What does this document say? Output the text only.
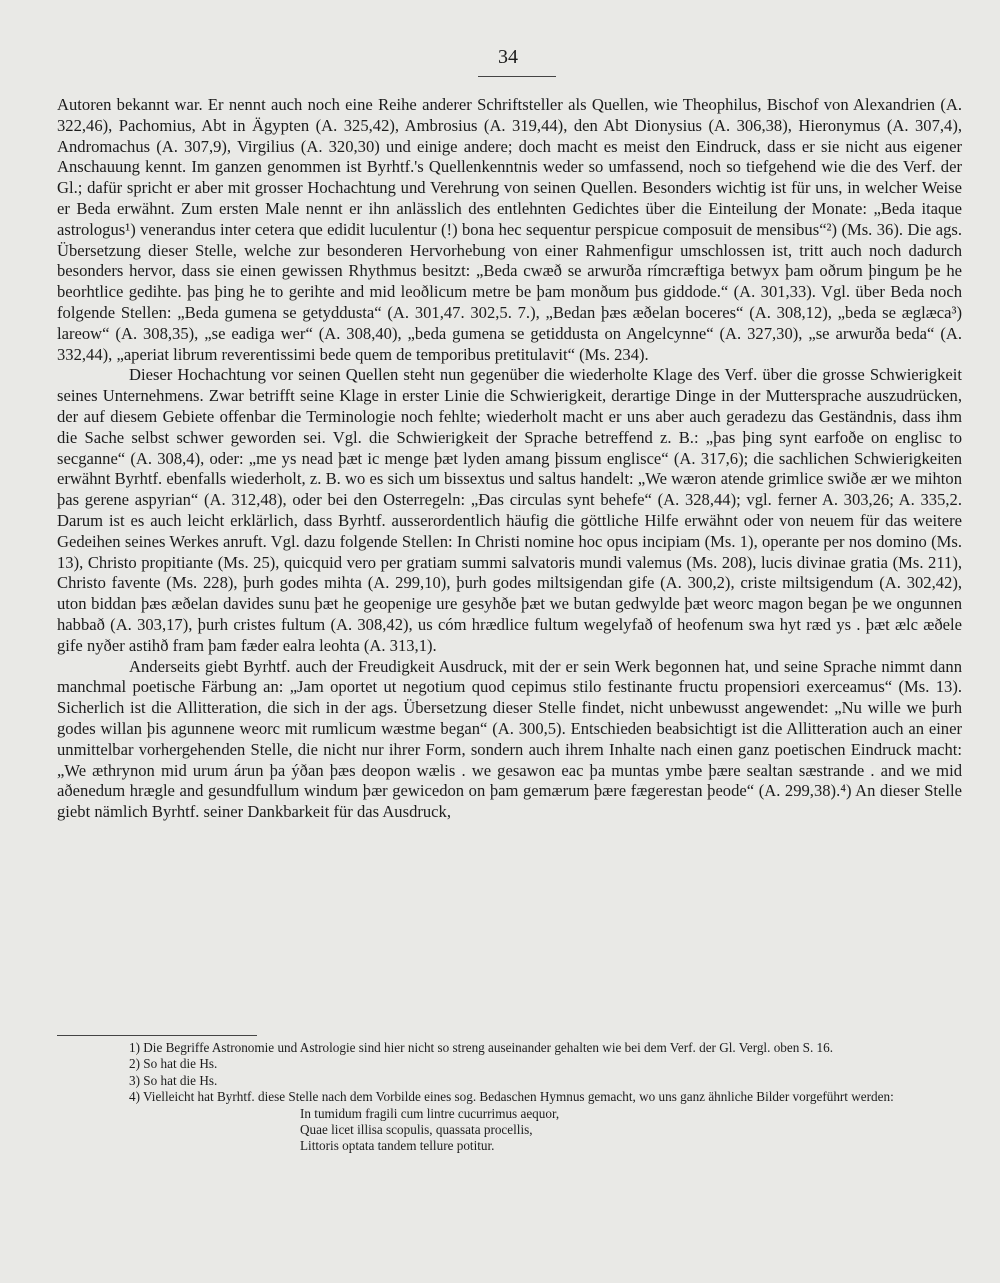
34

Autoren bekannt war. Er nennt auch noch eine Reihe anderer Schriftsteller als Quellen, wie Theophilus, Bischof von Alexandrien (A. 322,46), Pachomius, Abt in Ägypten (A. 325,42), Ambrosius (A. 319,44), den Abt Dionysius (A. 306,38), Hieronymus (A. 307,4), Andromachus (A. 307,9), Virgilius (A. 320,30) und einige andere; doch macht es meist den Eindruck, dass er sie nicht aus eigener Anschauung kennt. Im ganzen genommen ist Byrhtf.'s Quellenkenntnis weder so umfassend, noch so tiefgehend wie die des Verf. der Gl.; dafür spricht er aber mit grosser Hochachtung und Verehrung von seinen Quellen. Besonders wichtig ist für uns, in welcher Weise er Beda erwähnt. Zum ersten Male nennt er ihn anlässlich des entlehnten Gedichtes über die Einteilung der Monate: „Beda itaque astrologus¹) venerandus inter cetera que edidit luculentur (!) bona hec sequentur perspicue composuit de mensibus“²) (Ms. 36). Die ags. Übersetzung dieser Stelle, welche zur besonderen Hervorhebung von einer Rahmenfigur umschlossen ist, tritt auch noch dadurch besonders hervor, dass sie einen gewissen Rhythmus besitzt: „Beda cwæð se arwurða rímcræftiga betwyx þam oðrum þingum þe he beorhtlice gedihte. þas þing he to gerihte and mid leoðlicum metre be þam monðum þus giddode.“ (A. 301,33). Vgl. über Beda noch folgende Stellen: „Beda gumena se getyddusta“ (A. 301,47. 302,5. 7.), „Bedan þæs æðelan boceres“ (A. 308,12), „beda se æglæca³) lareow“ (A. 308,35), „se eadiga wer“ (A. 308,40), „beda gumena se getiddusta on Angelcynne“ (A. 327,30), „se arwurða beda“ (A. 332,44), „aperiat librum reverentissimi bede quem de temporibus pretitulavit“ (Ms. 234).

Dieser Hochachtung vor seinen Quellen steht nun gegenüber die wiederholte Klage des Verf. über die grosse Schwierigkeit seines Unternehmens. Zwar betrifft seine Klage in erster Linie die Schwierigkeit, derartige Dinge in der Muttersprache auszudrücken, der auf diesem Gebiete offenbar die Terminologie noch fehlte; wiederholt macht er uns aber auch geradezu das Geständnis, dass ihm die Sache selbst schwer geworden sei. Vgl. die Schwierigkeit der Sprache betreffend z. B.: „þas þing synt earfoðe on englisc to secganne“ (A. 308,4), oder: „me ys nead þæt ic menge þæt lyden amang þissum englisce“ (A. 317,6); die sachlichen Schwierigkeiten erwähnt Byrhtf. ebenfalls wiederholt, z. B. wo es sich um bissextus und saltus handelt: „We wæron atende grimlice swiðe ær we mihton þas gerene aspyrian“ (A. 312,48), oder bei den Osterregeln: „Ðas circulas synt behefe“ (A. 328,44); vgl. ferner A. 303,26; A. 335,2. Darum ist es auch leicht erklärlich, dass Byrhtf. ausserordentlich häufig die göttliche Hilfe erwähnt oder von neuem für das weitere Gedeihen seines Werkes anruft. Vgl. dazu folgende Stellen: In Christi nomine hoc opus incipiam (Ms. 1), operante per nos domino (Ms. 13), Christo propitiante (Ms. 25), quicquid vero per gratiam summi salvatoris mundi valemus (Ms. 208), lucis divinae gratia (Ms. 211), Christo favente (Ms. 228), þurh godes mihta (A. 299,10), þurh godes miltsigendan gife (A. 300,2), criste miltsigendum (A. 302,42), uton biddan þæs æðelan davides sunu þæt he geopenige ure gesyhðe þæt we butan gedwylde þæt weorc magon began þe we ongunnen habbað (A. 303,17), þurh cristes fultum (A. 308,42), us cóm hrædlice fultum wegelyfað of heofenum swa hyt ræd ys . þæt ælc æðele gife nyðer astihð fram þam fæder ealra leohta (A. 313,1).

Anderseits giebt Byrhtf. auch der Freudigkeit Ausdruck, mit der er sein Werk begonnen hat, und seine Sprache nimmt dann manchmal poetische Färbung an: „Jam oportet ut negotium quod cepimus stilo festinante fructu propensiori exerceamus“ (Ms. 13). Sicherlich ist die Allitteration, die sich in der ags. Übersetzung dieser Stelle findet, nicht unbewusst angewendet: „Nu wille we þurh godes willan þis agunnene weorc mit rumlicum wæstme began“ (A. 300,5). Entschieden beabsichtigt ist die Allitteration auch an einer unmittelbar vorhergehenden Stelle, die nicht nur ihrer Form, sondern auch ihrem Inhalte nach einen ganz poetischen Eindruck macht: „We æthrynon mid urum árun þa ýðan þæs deopon wælis . we gesawon eac þa muntas ymbe þære sealtan sæstrande . and we mid aðenedum hrægle and gesundfullum windum þær gewicedon on þam gemærum þære fægerestan þeode“ (A. 299,38).⁴) An dieser Stelle giebt nämlich Byrhtf. seiner Dankbarkeit für das Ausdruck,

1) Die Begriffe Astronomie und Astrologie sind hier nicht so streng auseinander gehalten wie bei dem Verf. der Gl. Vergl. oben S. 16.

2) So hat die Hs.

3) So hat die Hs.

4) Vielleicht hat Byrhtf. diese Stelle nach dem Vorbilde eines sog. Bedaschen Hymnus gemacht, wo uns ganz ähnliche Bilder vorgeführt werden:

In tumidum fragili cum lintre cucurrimus aequor,

Quae licet illisa scopulis, quassata procellis,

Littoris optata tandem tellure potitur.
